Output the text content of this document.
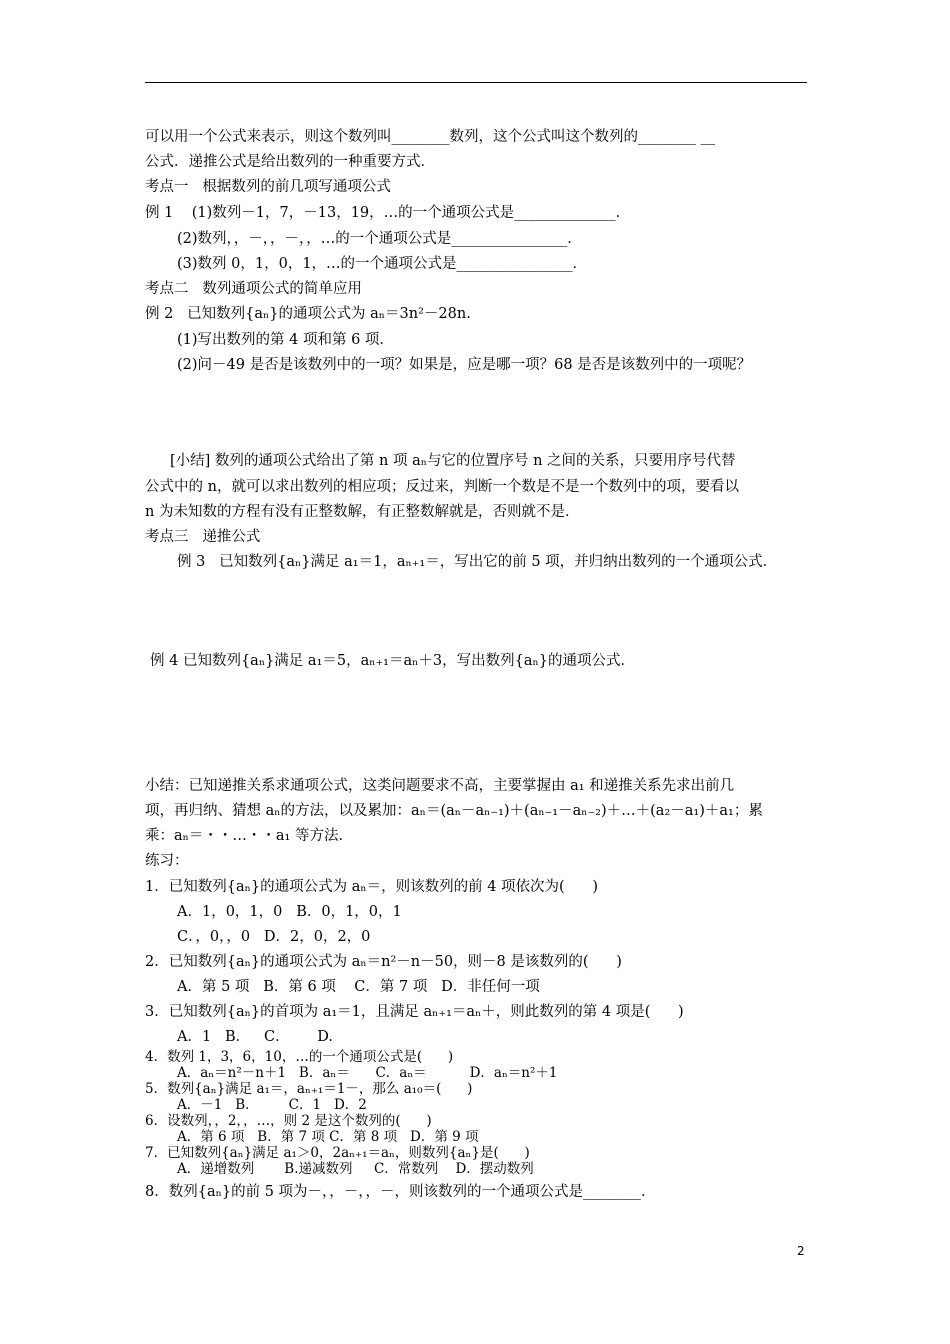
可以用一个公式来表示，则这个数列叫________数列，这个公式叫这个数列的________ __
公式．递推公式是给出数列的一种重要方式．
考点一   根据数列的前几项写通项公式
例 1    (1)数列－1，7，－13，19，…的一个通项公式是______________．
(2)数列，，－，，－，，…的一个通项公式是________________．
(3)数列 0，1，0，1，…的一个通项公式是________________．
考点二   数列通项公式的简单应用
例 2   已知数列{aₙ}的通项公式为 aₙ＝3n²－28n.
(1)写出数列的第 4 项和第 6 项．
(2)问－49 是否是该数列中的一项？如果是，应是哪一项？68 是否是该数列中的一项呢？
[小结] 数列的通项公式给出了第 n 项 aₙ与它的位置序号 n 之间的关系，只要用序号代替
公式中的 n，就可以求出数列的相应项；反过来，判断一个数是不是一个数列中的项，要看以
n 为未知数的方程有没有正整数解，有正整数解就是，否则就不是．
考点三   递推公式
例 3   已知数列{aₙ}满足 a₁＝1，aₙ₊₁＝，写出它的前 5 项，并归纳出数列的一个通项公式．
例 4 已知数列{aₙ}满足 a₁＝5，aₙ₊₁＝aₙ＋3，写出数列{aₙ}的通项公式．
小结：已知递推关系求通项公式，这类问题要求不高，主要掌握由 a₁ 和递推关系先求出前几
项，再归纳、猜想 aₙ的方法，以及累加：aₙ＝(aₙ－aₙ₋₁)＋(aₙ₋₁－aₙ₋₂)＋…＋(a₂－a₁)＋a₁；累
乘：aₙ＝・・…・・a₁ 等方法．
练习：
1．已知数列{aₙ}的通项公式为 aₙ＝，则该数列的前 4 项依次为(      )
A．1，0，1，0   B．0，1，0，1
C．，0，，0   D．2，0，2，0
2．已知数列{aₙ}的通项公式为 aₙ＝n²－n－50，则－8 是该数列的(      )
A．第 5 项   B．第 6 项    C．第 7 项   D．非任何一项
3．已知数列{aₙ}的首项为 a₁＝1，且满足 aₙ₊₁＝aₙ＋，则此数列的第 4 项是(      )
A．1   B．   C．      D.
4．数列 1，3，6，10，…的一个通项公式是(      )
A．aₙ＝n²－n＋1   B．aₙ＝      C．aₙ＝          D．aₙ＝n²＋1
5．数列{aₙ}满足 a₁＝，aₙ₊₁＝1－，那么 a₁₀＝(      )
A．－1   B．       C．1   D．2
6．设数列，，2，，…，则 2 是这个数列的(      )
A．第 6 项   B．第 7 项 C．第 8 项   D．第 9 项
7．已知数列{aₙ}满足 a₁＞0，2aₙ₊₁＝aₙ，则数列{aₙ}是(      )
A．递增数列       B.递减数列     C．常数列    D．摆动数列
8．数列{aₙ}的前 5 项为－，，－，，－，则该数列的一个通项公式是________．
2
